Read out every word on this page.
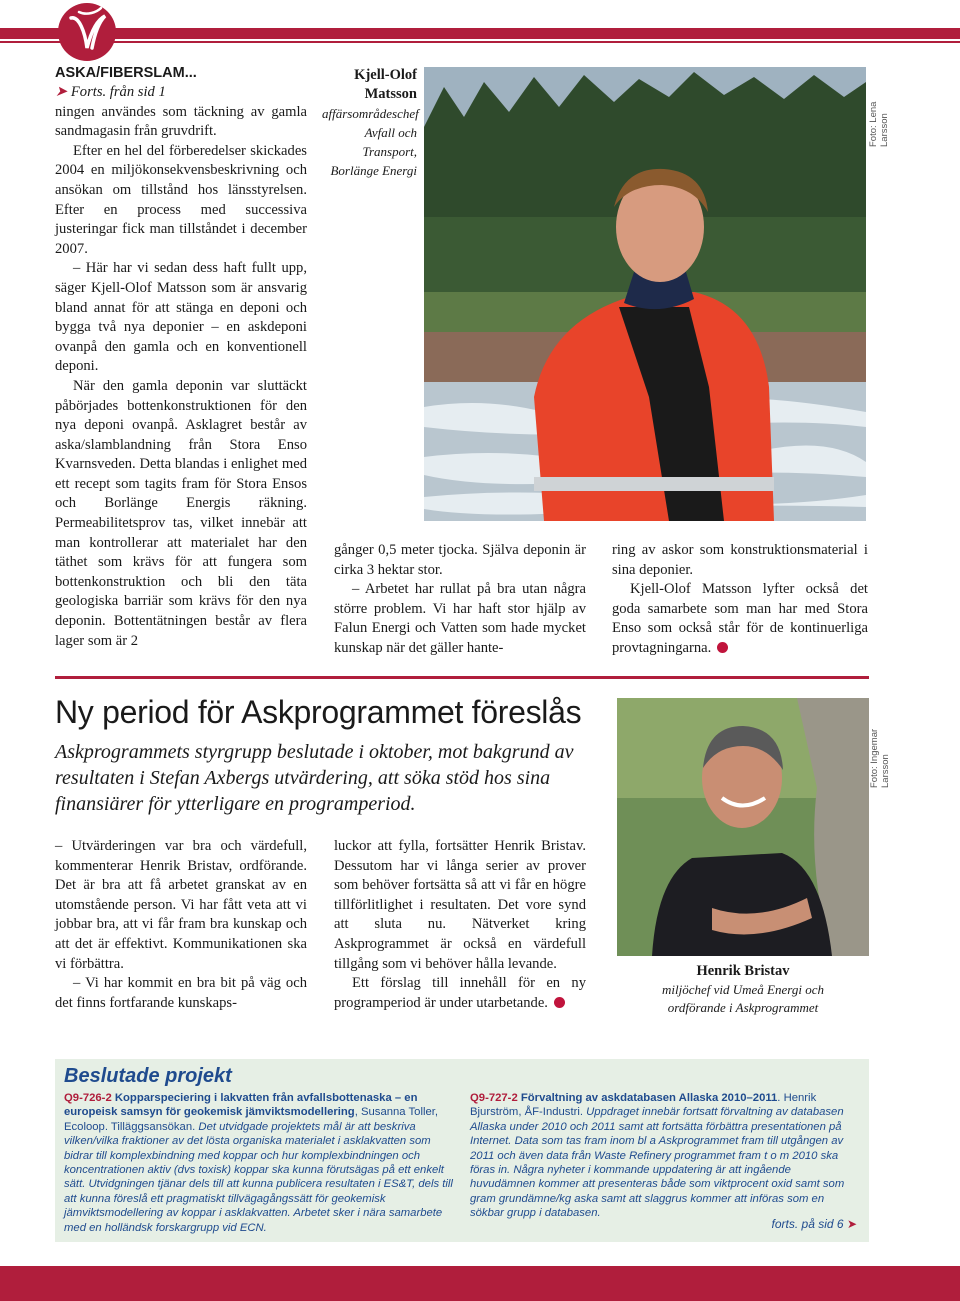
ASKA/FIBERSLAM...
➤ Forts. från sid 1

ningen användes som täckning av gamla sandmagasin från gruvdrift.

Efter en hel del förberedelser skickades 2004 en miljökonsekvensbeskrivning och ansökan om tillstånd hos länsstyrelsen. Efter en process med successiva justeringar fick man tillståndet i december 2007.

– Här har vi sedan dess haft fullt upp, säger Kjell-Olof Matsson som är ansvarig bland annat för att stänga en deponi och bygga två nya deponier – en askdeponi ovanpå den gamla och en konventionell deponi.

När den gamla deponin var sluttäckt påbörjades bottenkonstruktionen för den nya deponi ovanpå. Asklagret består av aska/slamblandning från Stora Enso Kvarnsveden. Detta blandas i enlighet med ett recept som tagits fram för Stora Ensos och Borlänge Energis räkning. Permeabilitetsprov tas, vilket innebär att man kontrollerar att materialet har den täthet som krävs för att fungera som bottenkonstruktion och bli den täta geologiska barriär som krävs för den nya deponin. Bottentätningen består av flera lager som är 2

Kjell-Olof Matsson
affärsområdeschef Avfall och Transport, Borlänge Energi
Foto: Lena Larsson

gånger 0,5 meter tjocka. Själva deponin är cirka 3 hektar stor.

– Arbetet har rullat på bra utan några större problem. Vi har haft stor hjälp av Falun Energi och Vatten som hade mycket kunskap när det gäller hante-

ring av askor som konstruktionsmaterial i sina deponier.

Kjell-Olof Matsson lyfter också det goda samarbete som man har med Stora Enso som också står för de kontinuerliga provtagningarna.

Ny period för Askprogrammet föreslås
Askprogrammets styrgrupp beslutade i oktober, mot bakgrund av resultaten i Stefan Axbergs utvärdering, att söka stöd hos sina finansiärer för ytterligare en programperiod.
Foto: Ingemar Larsson
Henrik Bristav
miljöchef vid Umeå Energi och
ordförande i Askprogrammet

– Utvärderingen var bra och värdefull, kommenterar Henrik Bristav, ordförande. Det är bra att få arbetet granskat av en utomstående person. Vi har fått veta att vi jobbar bra, att vi får fram bra kunskap och att det är effektivt. Kommunikationen ska vi förbättra.

– Vi har kommit en bra bit på väg och det finns fortfarande kunskaps-

luckor att fylla, fortsätter Henrik Bristav. Dessutom har vi långa serier av prover som behöver fortsätta så att vi får en högre tillförlitlighet i resultaten. Det vore synd att sluta nu. Nätverket kring Askprogrammet är också en värdefull tillgång som vi behöver hålla levande.

Ett förslag till innehåll för en ny programperiod är under utarbetande.

Beslutade projekt

Q9-726-2 Kopparspeciering i lakvatten från avfallsbottenaska – en europeisk samsyn för geokemisk jämviktsmodellering, Susanna Toller, Ecoloop. Tilläggsansökan. Det utvidgade projektets mål är att beskriva vilken/vilka fraktioner av det lösta organiska materialet i asklakvatten som bidrar till komplexbindning med koppar och hur komplexbindningen och koncentrationen aktiv (dvs toxisk) koppar ska kunna förutsägas på ett enkelt sätt. Utvidgningen tjänar dels till att kunna publicera resultaten i ES&T, dels till att kunna föreslå ett pragmatiskt tillvägagångssätt för geokemisk jämviktsmodellering av koppar i asklakvatten. Arbetet sker i nära samarbete med en holländsk forskargrupp vid ECN.

Q9-727-2 Förvaltning av askdatabasen Allaska 2010–2011. Henrik Bjurström, ÅF-Industri. Uppdraget innebär fortsatt förvaltning av databasen Allaska under 2010 och 2011 samt att fortsätta förbättra presentationen på Internet. Data som tas fram inom bl a Askprogrammet fram till utgången av 2011 och även data från Waste Refinery programmet fram t o m 2010 ska föras in. Några nyheter i kommande uppdatering är att ingående huvudämnen kommer att presenteras både som viktprocent oxid samt som gram grundämne/kg aska samt att slaggrus kommer att införas som en sökbar grupp i databasen.

forts. på sid 6 ➤
